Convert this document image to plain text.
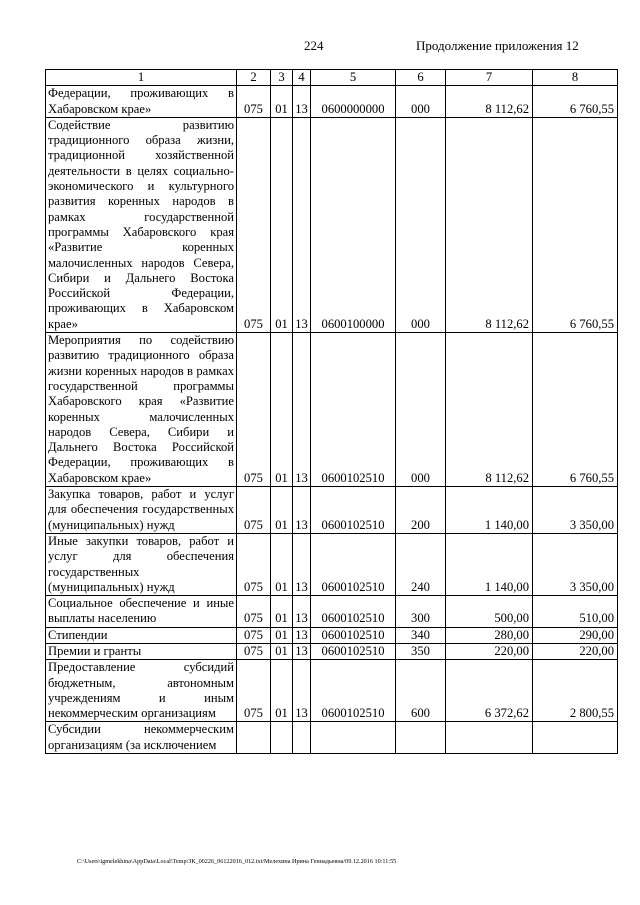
224	Продолжение приложения 12
1	2	3	4	5	6	7	8
Федерации, проживающих в Хабаровском крае»	075	01	13	0600000000	000	8 112,62	6 760,55
Содействие развитию традиционного образа жизни, традиционной хозяйственной деятельности в целях социально-экономического и культурного развития коренных народов в рамках государственной программы Хабаровского края «Развитие коренных малочисленных народов Севера, Сибири и Дальнего Востока Российской Федерации, проживающих в Хабаровском крае»	075	01	13	0600100000	000	8 112,62	6 760,55
Мероприятия по содействию развитию традиционного образа жизни коренных народов в рамках государственной программы Хабаровского края «Развитие коренных малочисленных народов Севера, Сибири и Дальнего Востока Российской Федерации, проживающих в Хабаровском крае»	075	01	13	0600102510	000	8 112,62	6 760,55
Закупка товаров, работ и услуг для обеспечения государственных (муниципальных) нужд	075	01	13	0600102510	200	1 140,00	3 350,00
Иные закупки товаров, работ и услуг для обеспечения государственных (муниципальных) нужд	075	01	13	0600102510	240	1 140,00	3 350,00
Социальное обеспечение и иные выплаты населению	075	01	13	0600102510	300	500,00	510,00
Стипендии	075	01	13	0600102510	340	280,00	290,00
Премии и гранты	075	01	13	0600102510	350	220,00	220,00
Предоставление субсидий бюджетным, автономным учреждениям и иным некоммерческим организациям	075	01	13	0600102510	600	6 372,62	2 800,55
Субсидии некоммерческим организациям (за исключением							
C:\Users\igmelekhina\AppData\Local\Temp\ЗК_00226_06122016_012.txt/Мелехина Ирина Геннадьевна/09.12.2016 10:11:55
